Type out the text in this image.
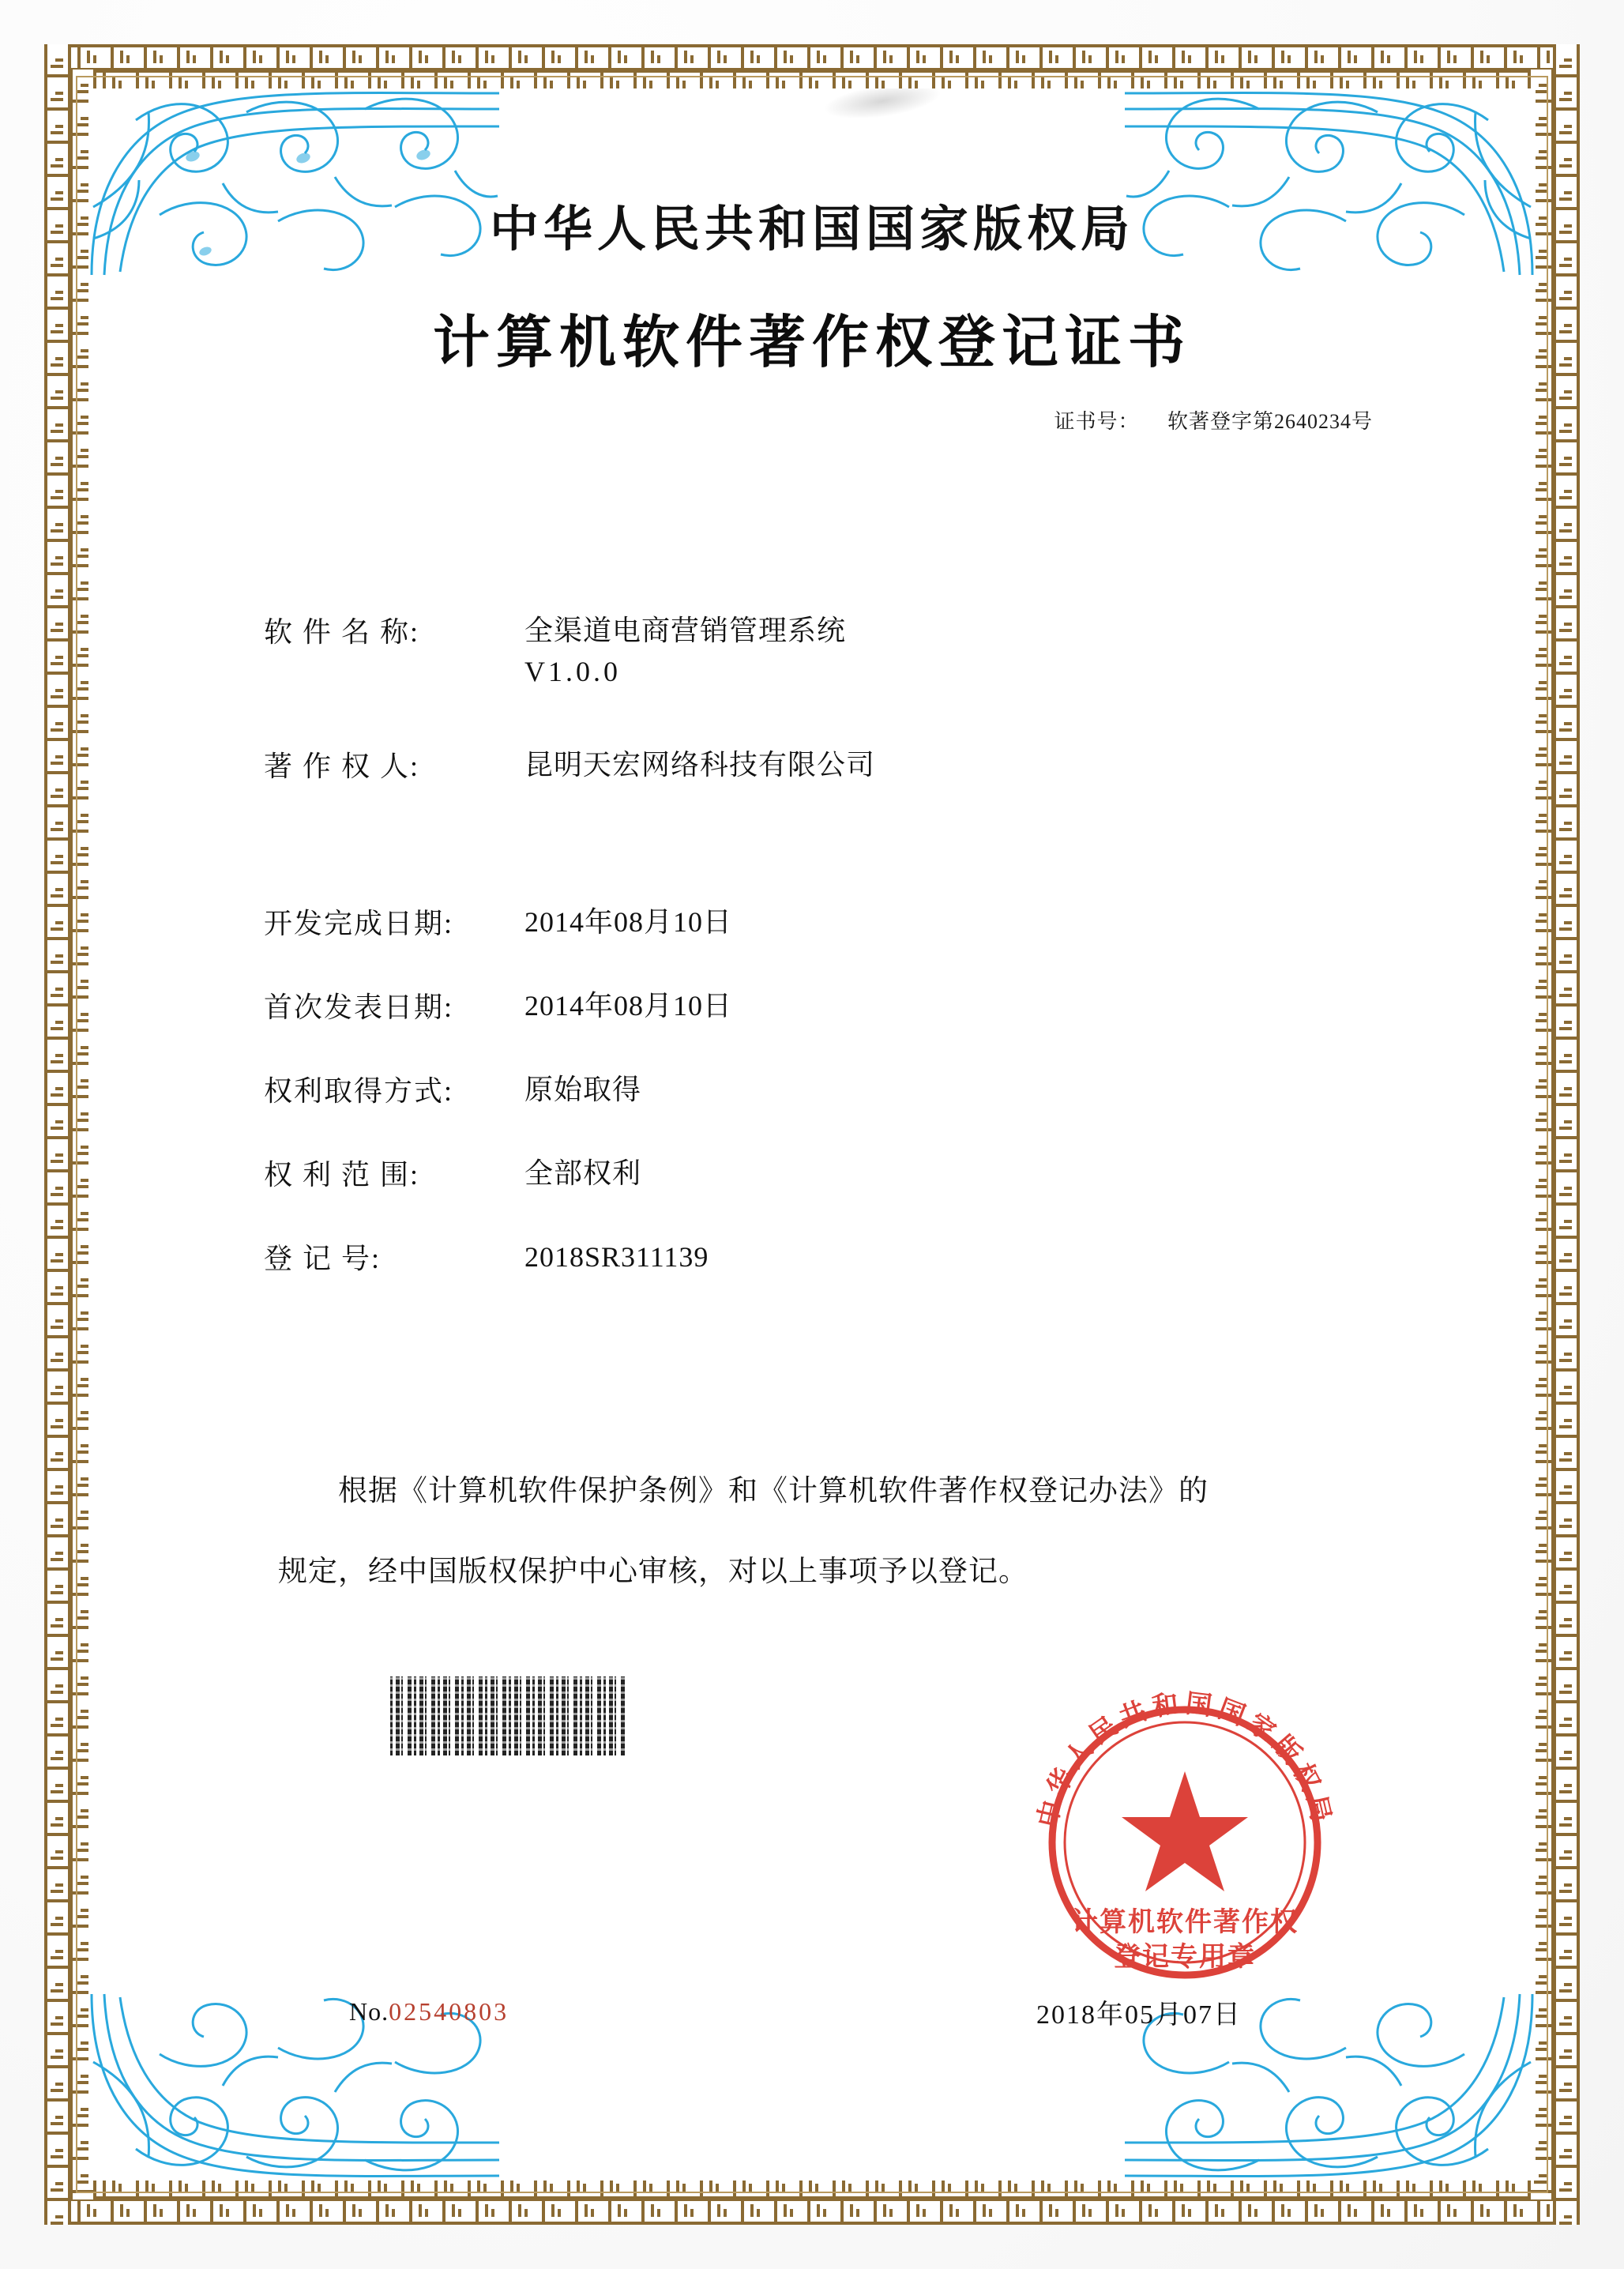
中华人民共和国国家版权局
计算机软件著作权登记证书
证书号： 软著登字第2640234号
软 件 名 称:	全渠道电商营销管理系统
V1.0.0
著 作 权 人:	昆明天宏网络科技有限公司
开发完成日期:	2014年08月10日
首次发表日期:	2014年08月10日
权利取得方式:	原始取得
权 利 范 围:	全部权利
登 记 号:	2018SR311139

根据《计算机软件保护条例》和《计算机软件著作权登记办法》的

规定，经中国版权保护中心审核，对以上事项予以登记。

中华人民共和国国家版权局
计算机软件著作权
登记专用章
No.02540803	2018年05月07日
